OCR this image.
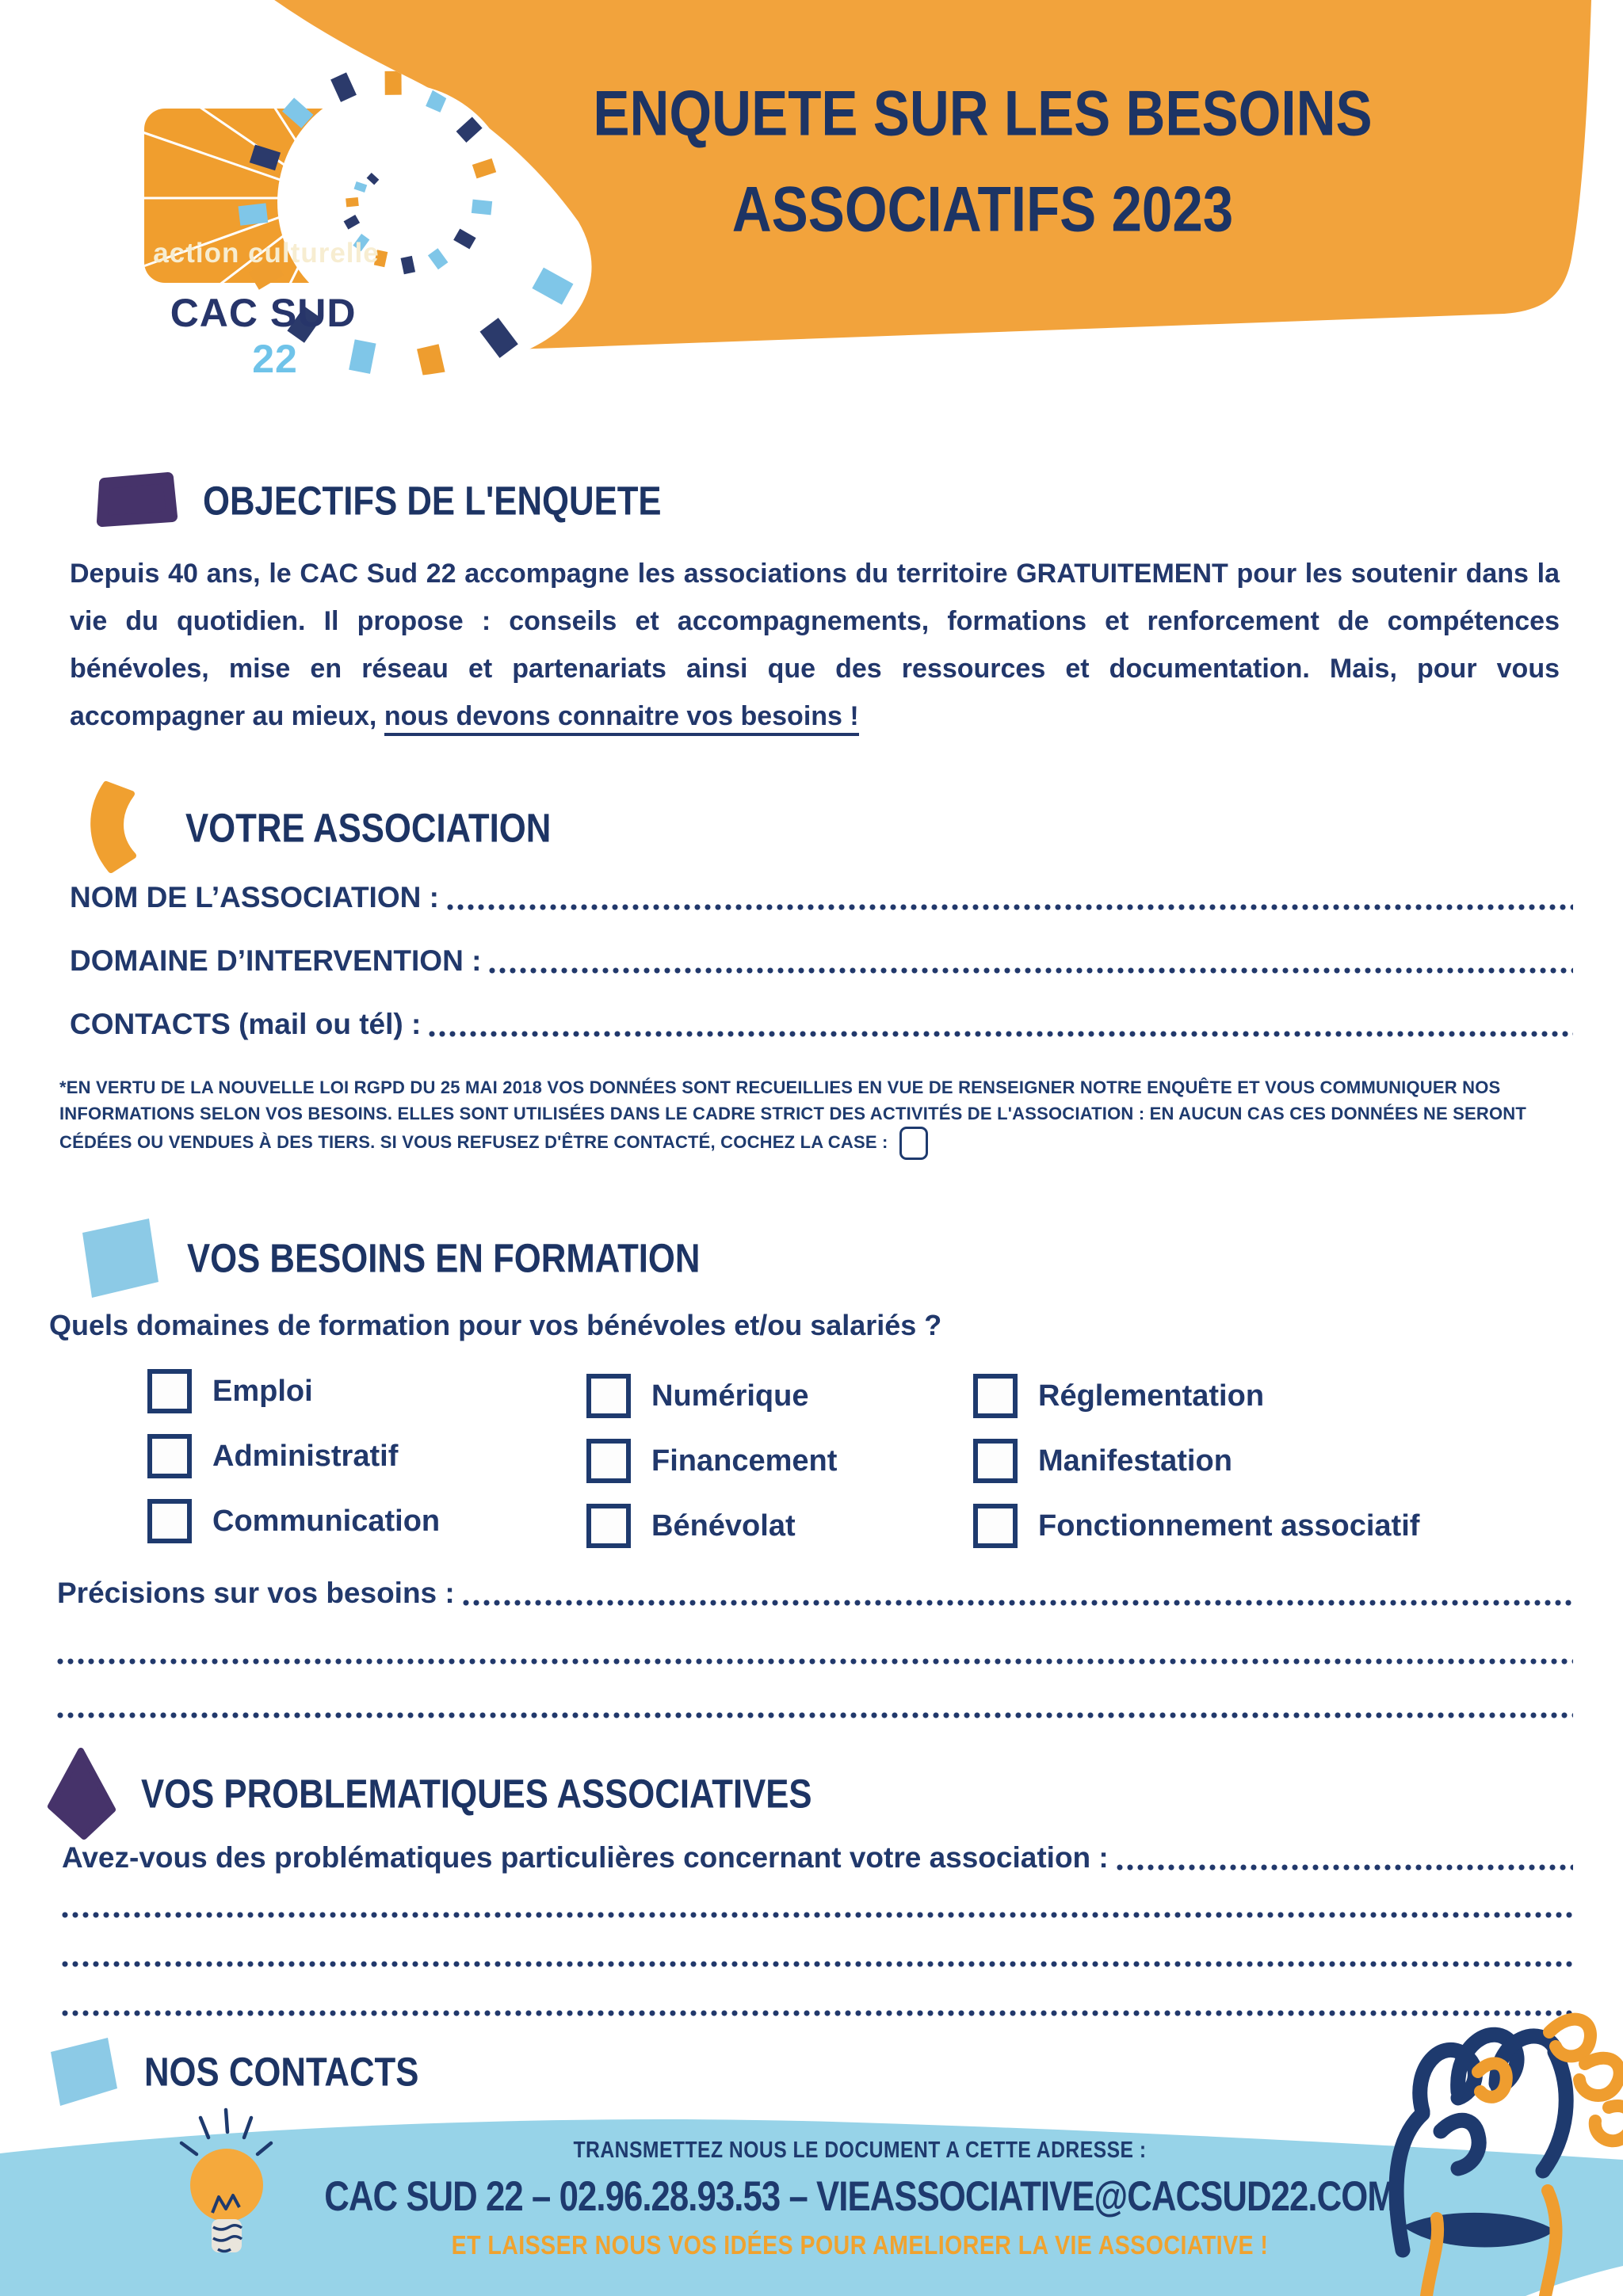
ENQUETE SUR LES BESOINS
ASSOCIATIFS 2023
action culturelle
CAC SUD   22
OBJECTIFS DE L'ENQUETE
Depuis 40 ans, le CAC Sud 22 accompagne les associations du territoire GRATUITEMENT pour les soutenir dans la vie du quotidien. Il propose : conseils et accompagnements, formations et renforcement de compétences bénévoles, mise en réseau et partenariats ainsi que des ressources et documentation. Mais, pour vous accompagner au mieux, nous devons connaitre vos besoins !
VOTRE ASSOCIATION
NOM DE L’ASSOCIATION :
DOMAINE D’INTERVENTION :
CONTACTS (mail ou tél) :
*EN VERTU DE LA NOUVELLE LOI RGPD DU 25 MAI 2018 VOS DONNÉES SONT RECUEILLIES EN VUE DE RENSEIGNER NOTRE ENQUÊTE ET VOUS COMMUNIQUER NOS INFORMATIONS SELON VOS BESOINS. ELLES SONT UTILISÉES DANS LE CADRE STRICT DES ACTIVITÉS DE L'ASSOCIATION : EN AUCUN CAS CES DONNÉES NE SERONT CÉDÉES OU VENDUES À DES TIERS. SI VOUS REFUSEZ D'ÊTRE CONTACTÉ, COCHEZ LA CASE :
VOS BESOINS EN FORMATION
Quels domaines de formation pour vos bénévoles et/ou salariés ?
Emploi
Administratif
Communication
Numérique
Financement
Bénévolat
Réglementation
Manifestation
Fonctionnement associatif
Précisions sur vos besoins :
VOS PROBLEMATIQUES ASSOCIATIVES
Avez-vous des problématiques particulières concernant votre association :
NOS CONTACTS
TRANSMETTEZ NOUS LE DOCUMENT A CETTE ADRESSE :
CAC SUD 22 – 02.96.28.93.53 – VIEASSOCIATIVE@CACSUD22.COM
ET LAISSER NOUS VOS IDÉES POUR AMELIORER LA VIE ASSOCIATIVE !
